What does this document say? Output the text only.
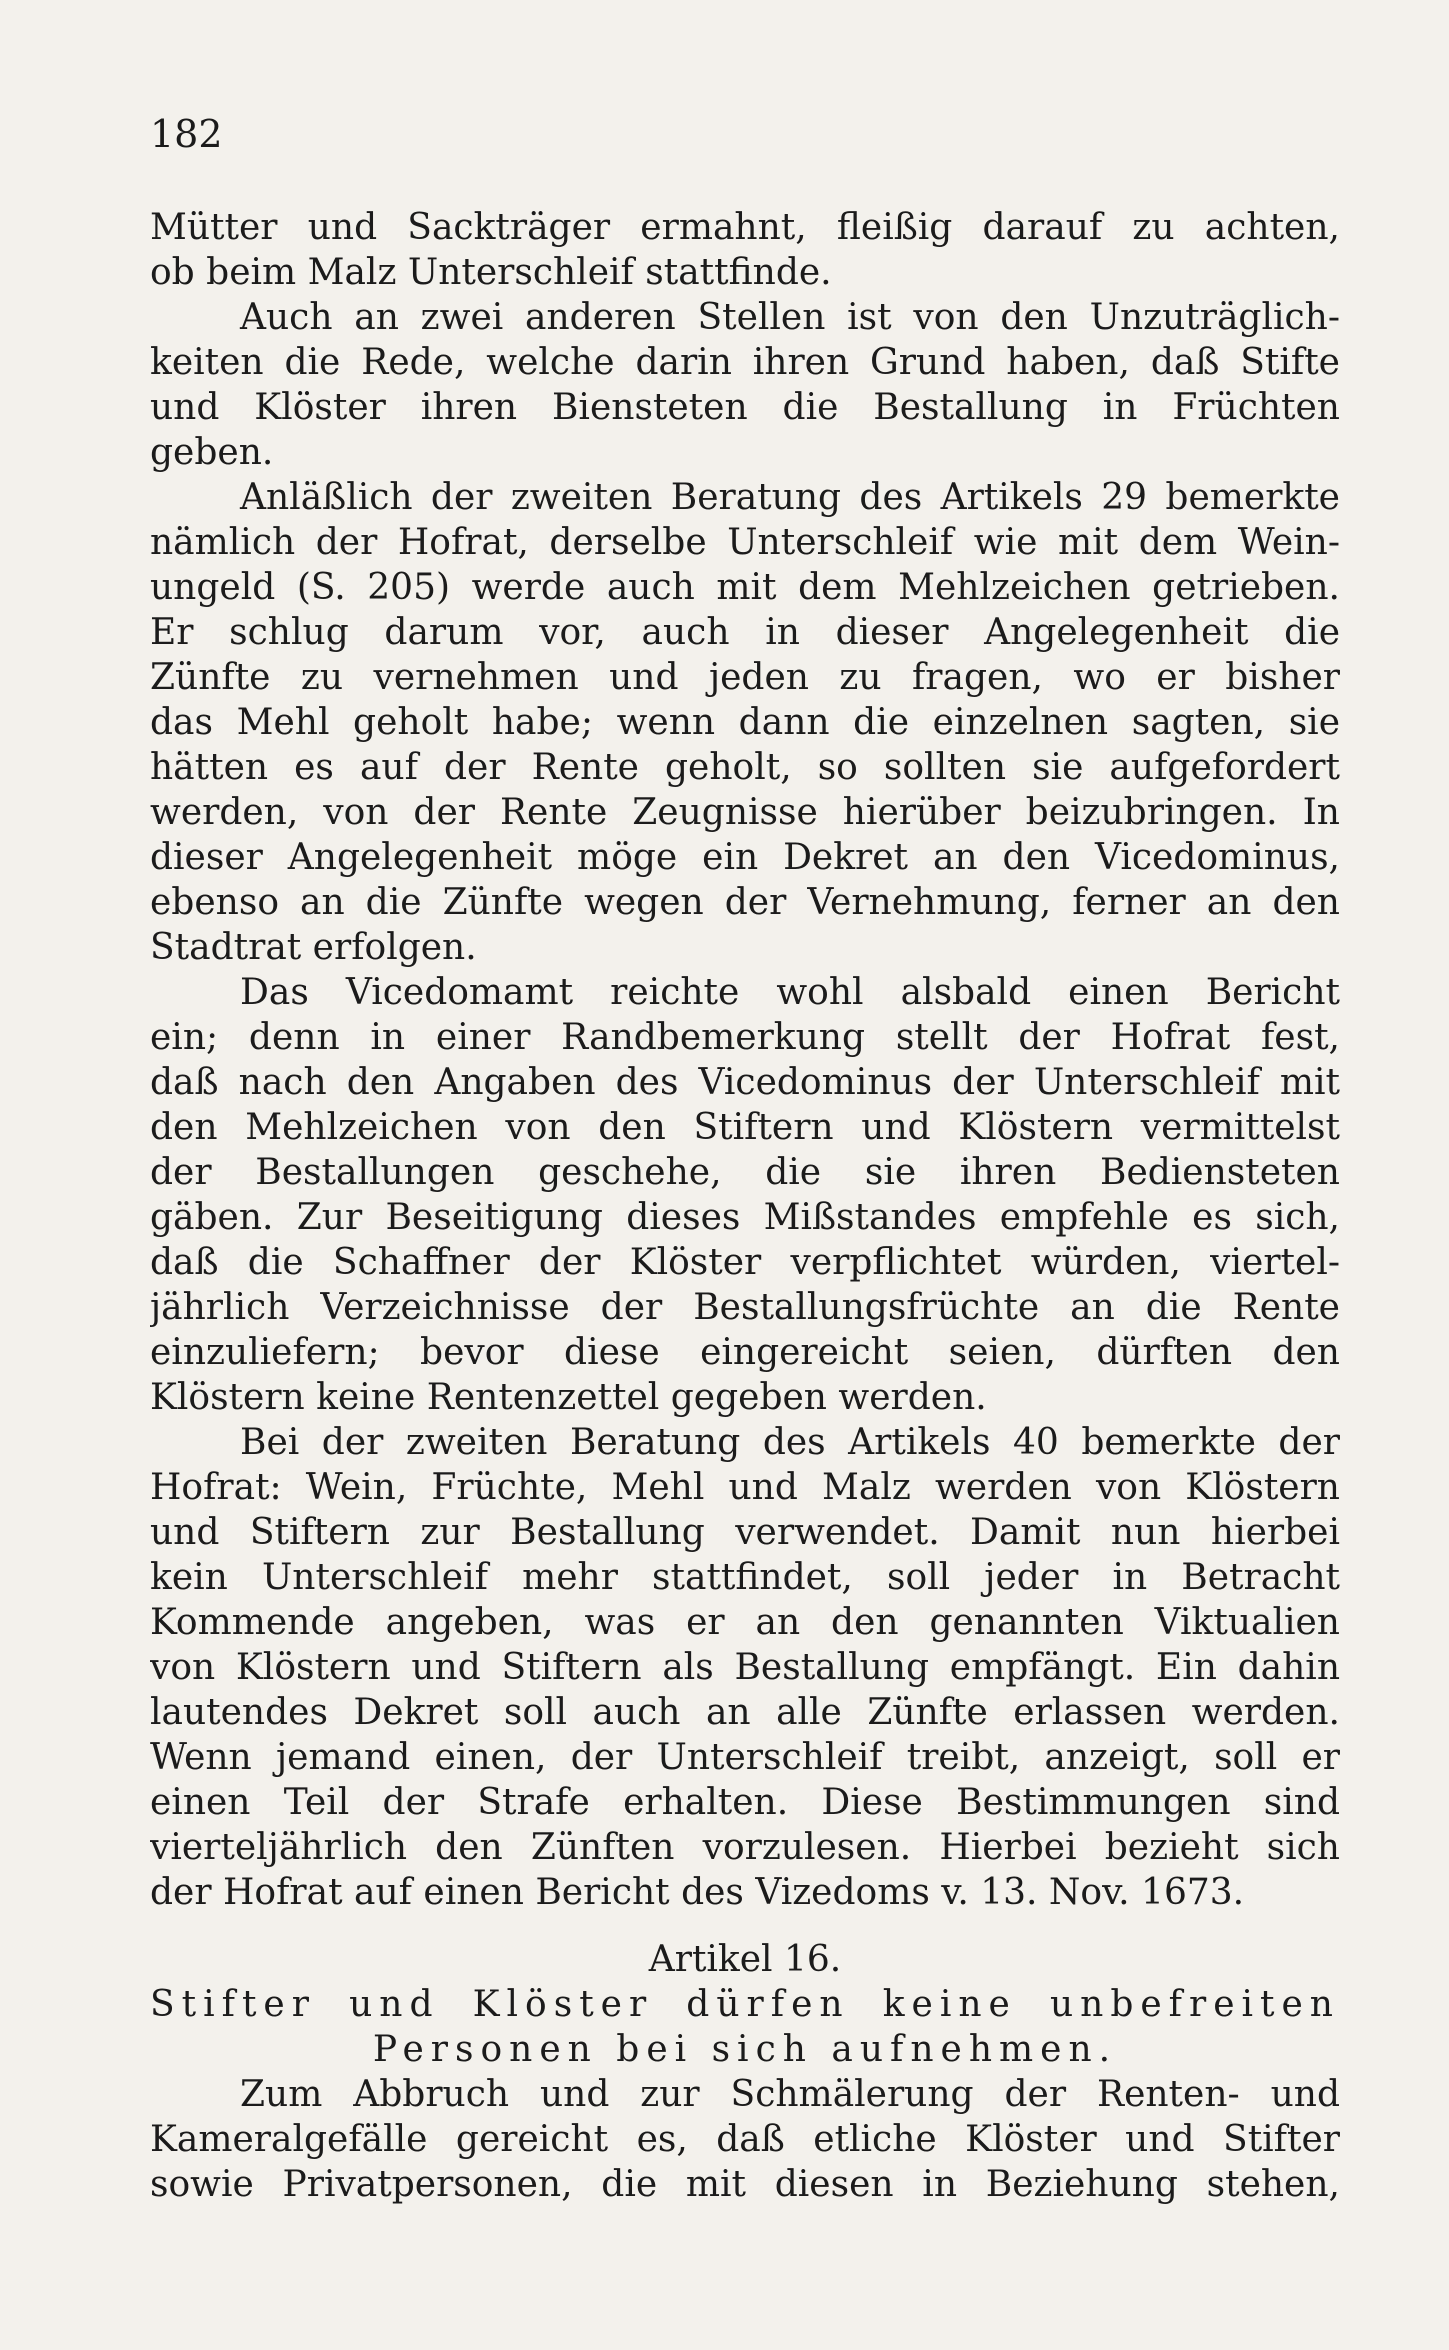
182
Mütter und Sackträger ermahnt, fleißig darauf zu achten,
ob beim Malz Unterschleif stattfinde.
Auch an zwei anderen Stellen ist von den Unzuträglich-
keiten die Rede, welche darin ihren Grund haben, daß Stifte
und Klöster ihren Biensteten die Bestallung in Früchten
geben.
Anläßlich der zweiten Beratung des Artikels 29 bemerkte
nämlich der Hofrat, derselbe Unterschleif wie mit dem Wein-
ungeld (S. 205) werde auch mit dem Mehlzeichen getrieben.
Er schlug darum vor, auch in dieser Angelegenheit die
Zünfte zu vernehmen und jeden zu fragen, wo er bisher
das Mehl geholt habe; wenn dann die einzelnen sagten, sie
hätten es auf der Rente geholt, so sollten sie aufgefordert
werden, von der Rente Zeugnisse hierüber beizubringen. In
dieser Angelegenheit möge ein Dekret an den Vicedominus,
ebenso an die Zünfte wegen der Vernehmung, ferner an den
Stadtrat erfolgen.
Das Vicedomamt reichte wohl alsbald einen Bericht
ein; denn in einer Randbemerkung stellt der Hofrat fest,
daß nach den Angaben des Vicedominus der Unterschleif mit
den Mehlzeichen von den Stiftern und Klöstern vermittelst
der Bestallungen geschehe, die sie ihren Bediensteten
gäben. Zur Beseitigung dieses Mißstandes empfehle es sich,
daß die Schaffner der Klöster verpflichtet würden, viertel-
jährlich Verzeichnisse der Bestallungsfrüchte an die Rente
einzuliefern; bevor diese eingereicht seien, dürften den
Klöstern keine Rentenzettel gegeben werden.
Bei der zweiten Beratung des Artikels 40 bemerkte der
Hofrat: Wein, Früchte, Mehl und Malz werden von Klöstern
und Stiftern zur Bestallung verwendet. Damit nun hierbei
kein Unterschleif mehr stattfindet, soll jeder in Betracht
Kommende angeben, was er an den genannten Viktualien
von Klöstern und Stiftern als Bestallung empfängt. Ein dahin
lautendes Dekret soll auch an alle Zünfte erlassen werden.
Wenn jemand einen, der Unterschleif treibt, anzeigt, soll er
einen Teil der Strafe erhalten. Diese Bestimmungen sind
vierteljährlich den Zünften vorzulesen. Hierbei bezieht sich
der Hofrat auf einen Bericht des Vizedoms v. 13. Nov. 1673.
Artikel 16.
Stifter und Klöster dürfen keine unbefreiten
Personen bei sich aufnehmen.
Zum Abbruch und zur Schmälerung der Renten- und
Kameralgefälle gereicht es, daß etliche Klöster und Stifter
sowie Privatpersonen, die mit diesen in Beziehung stehen,
